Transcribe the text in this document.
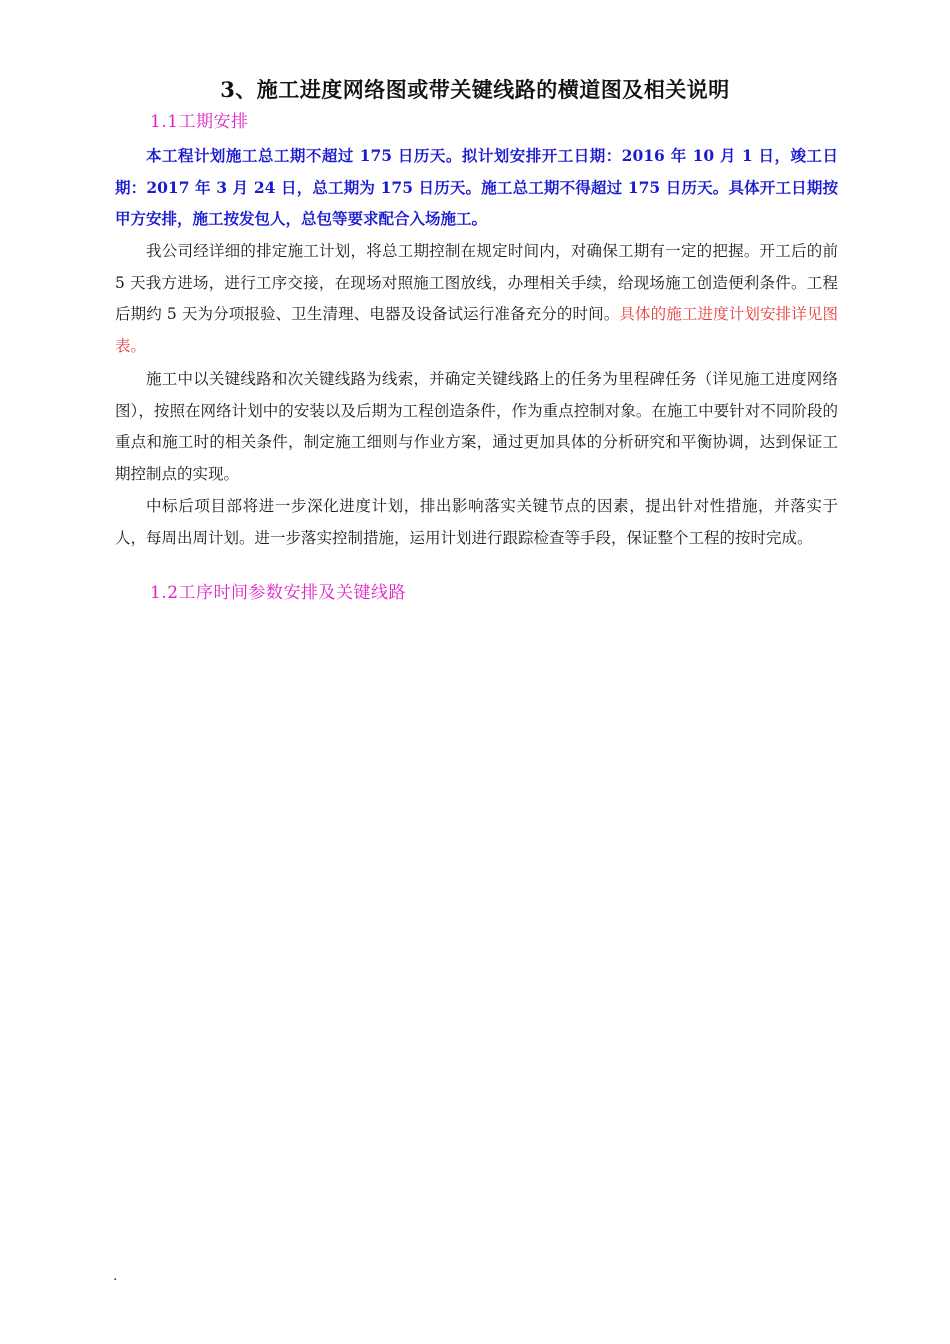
3、施工进度网络图或带关键线路的横道图及相关说明
1.1工期安排

本工程计划施工总工期不超过 175 日历天。拟计划安排开工日期：2016 年 10 月 1 日，竣工日期：2017 年 3 月 24 日，总工期为 175 日历天。施工总工期不得超过 175 日历天。具体开工日期按甲方安排，施工按发包人，总包等要求配合入场施工。

我公司经详细的排定施工计划，将总工期控制在规定时间内，对确保工期有一定的把握。开工后的前 5 天我方进场，进行工序交接，在现场对照施工图放线，办理相关手续，给现场施工创造便利条件。工程后期约 5 天为分项报验、卫生清理、电器及设备试运行准备充分的时间。具体的施工进度计划安排详见图表。

施工中以关键线路和次关键线路为线索，并确定关键线路上的任务为里程碑任务（详见施工进度网络图），按照在网络计划中的安装以及后期为工程创造条件，作为重点控制对象。在施工中要针对不同阶段的重点和施工时的相关条件，制定施工细则与作业方案，通过更加具体的分析研究和平衡协调，达到保证工期控制点的实现。

中标后项目部将进一步深化进度计划，排出影响落实关键节点的因素，提出针对性措施，并落实于人，每周出周计划。进一步落实控制措施，运用计划进行跟踪检查等手段，保证整个工程的按时完成。

1.2工序时间参数安排及关键线路
.
